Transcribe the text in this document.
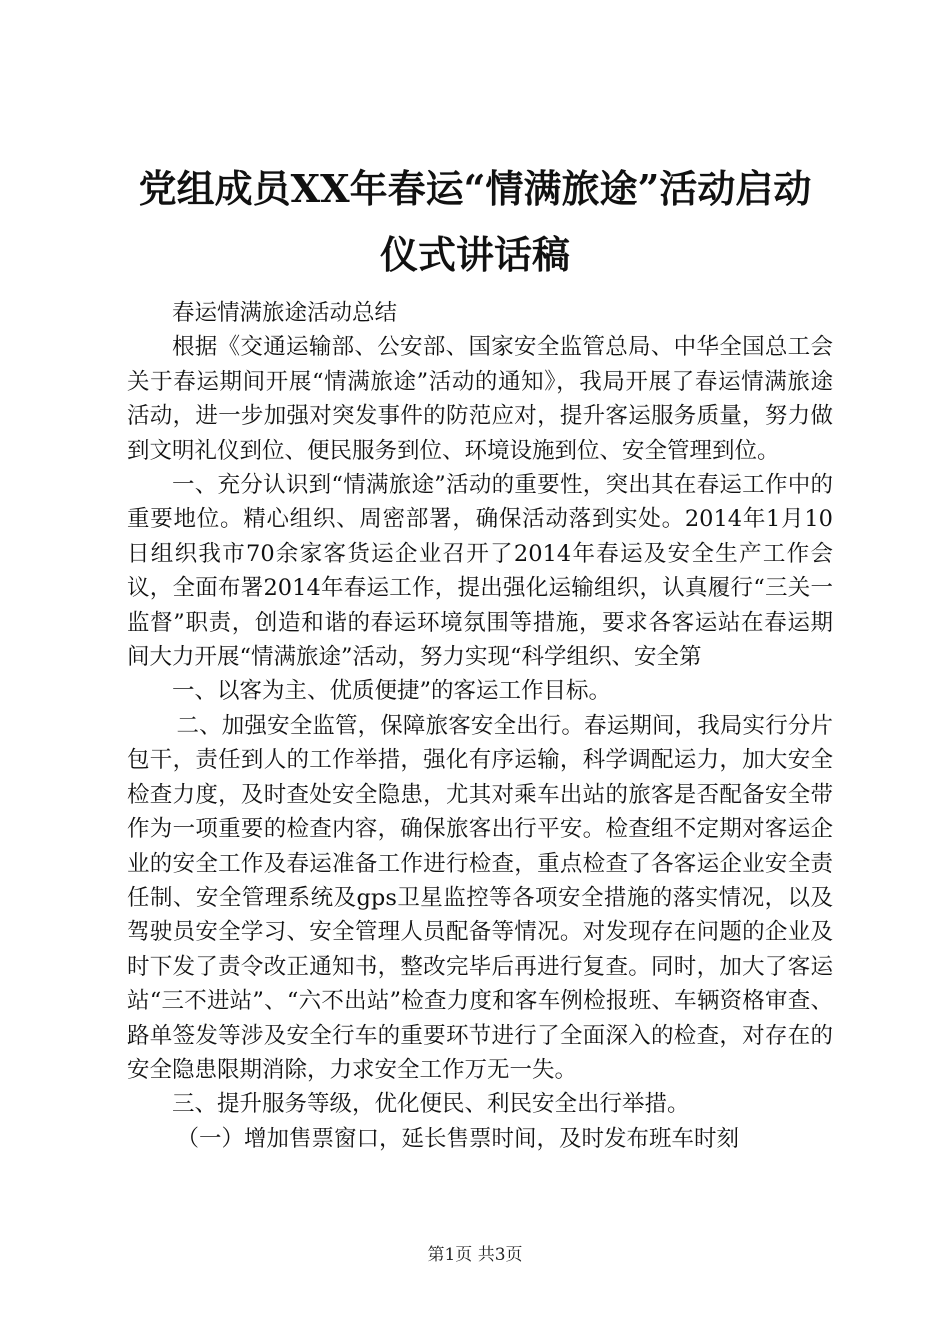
党组成员XX年春运“情满旅途”活动启动仪式讲话稿

春运情满旅途活动总结

根据《交通运输部、公安部、国家安全监管总局、中华全国总工会关于春运期间开展“情满旅途”活动的通知》，我局开展了春运情满旅途活动，进一步加强对突发事件的防范应对，提升客运服务质量，努力做到文明礼仪到位、便民服务到位、环境设施到位、安全管理到位。

一、充分认识到“情满旅途”活动的重要性，突出其在春运工作中的重要地位。精心组织、周密部署，确保活动落到实处。2014年1月10日组织我市70余家客货运企业召开了2014年春运及安全生产工作会议，全面布署2014年春运工作，提出强化运输组织，认真履行“三关一监督”职责，创造和谐的春运环境氛围等措施，要求各客运站在春运期间大力开展“情满旅途”活动，努力实现“科学组织、安全第

一、以客为主、优质便捷”的客运工作目标。

二、加强安全监管，保障旅客安全出行。春运期间，我局实行分片包干，责任到人的工作举措，强化有序运输，科学调配运力，加大安全检查力度，及时查处安全隐患，尤其对乘车出站的旅客是否配备安全带作为一项重要的检查内容，确保旅客出行平安。检查组不定期对客运企业的安全工作及春运准备工作进行检查，重点检查了各客运企业安全责任制、安全管理系统及gps卫星监控等各项安全措施的落实情况，以及驾驶员安全学习、安全管理人员配备等情况。对发现存在问题的企业及时下发了责令改正通知书，整改完毕后再进行复查。同时，加大了客运站“三不进站”、“六不出站”检查力度和客车例检报班、车辆资格审查、路单签发等涉及安全行车的重要环节进行了全面深入的检查，对存在的安全隐患限期消除，力求安全工作万无一失。

三、提升服务等级，优化便民、利民安全出行举措。

（一）增加售票窗口，延长售票时间，及时发布班车时刻

第1页 共3页
